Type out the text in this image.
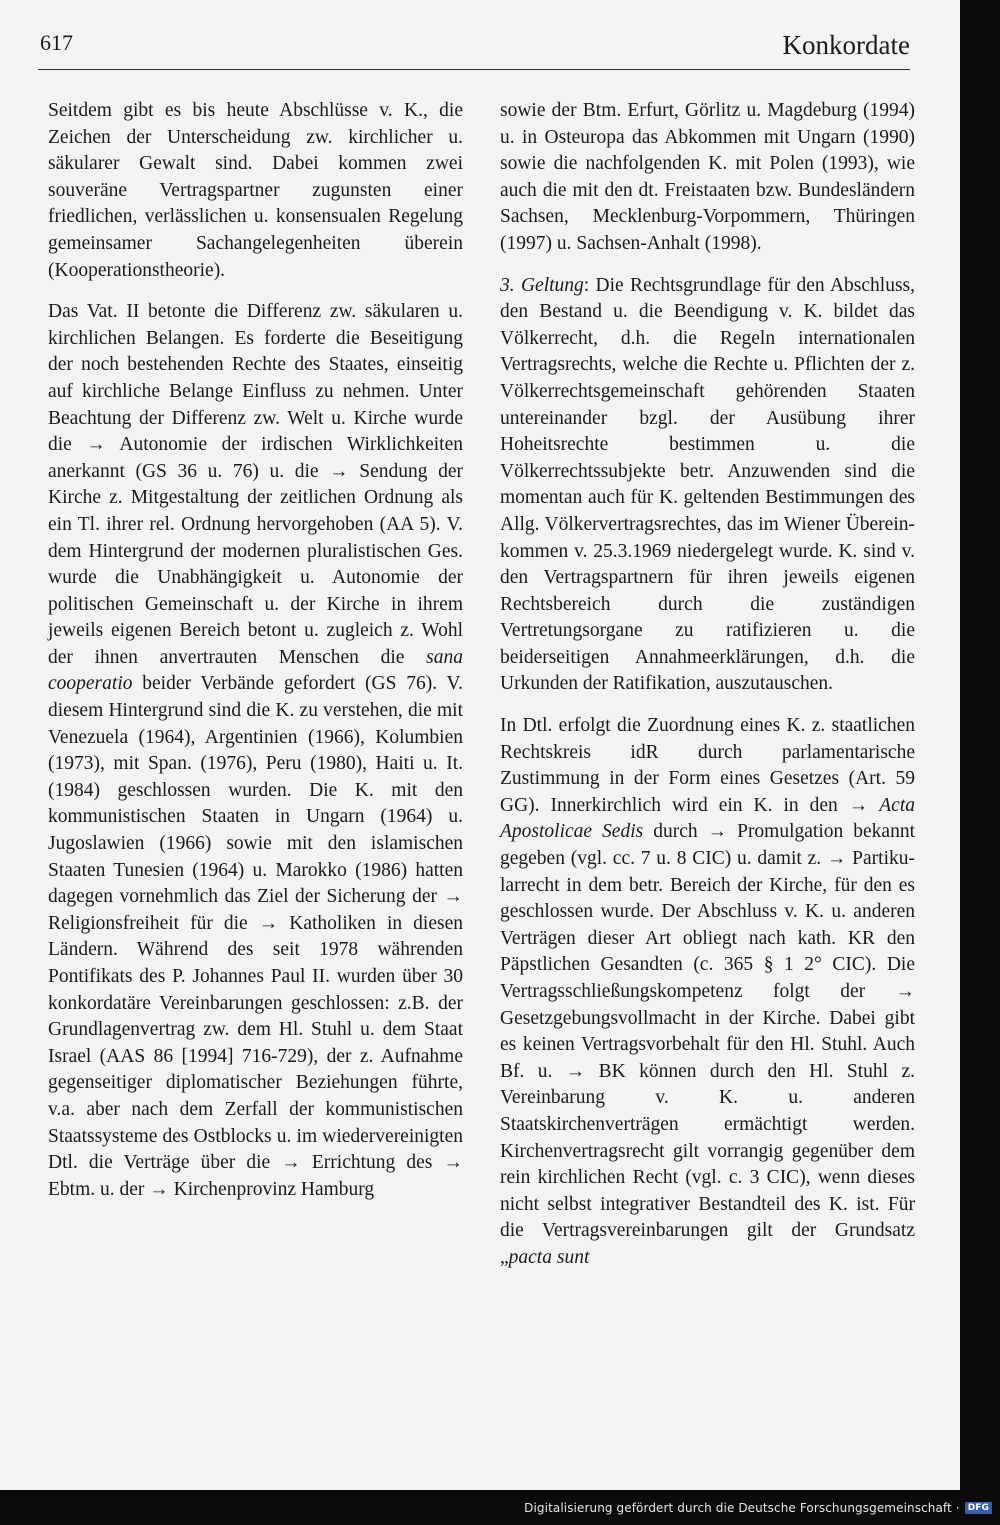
617	Konkordate

Seitdem gibt es bis heute Abschlüsse v. K., die Zeichen der Unterscheidung zw. kirchlicher u. säkularer Gewalt sind. Dabei kommen zwei souveräne Vertragspartner zugunsten einer friedlichen, verlässlichen u. konsensualen Regelung gemeinsamer Sachangelegenheiten überein (Kooperationstheorie).

Das Vat. II betonte die Differenz zw. säkularen u. kirchlichen Belangen. Es forderte die Beseitigung der noch bestehenden Rechte des Staates, einseitig auf kirchliche Belange Einfluss zu nehmen. Unter Beachtung der Differenz zw. Welt u. Kirche wurde die → Autonomie der irdischen Wirklichkeiten anerkannt (GS 36 u. 76) u. die → Sendung der Kirche z. Mitgestaltung der zeitlichen Ordnung als ein Tl. ihrer rel. Ordnung hervorgehoben (AA 5). V. dem Hintergrund der modernen pluralistischen Ges. wurde die Unabhängigkeit u. Autonomie der politischen Gemeinschaft u. der Kirche in ihrem jeweils eigenen Bereich betont u. zugleich z. Wohl der ihnen anvertrauten Menschen die sana cooperatio beider Verbände gefordert (GS 76). V. diesem Hintergrund sind die K. zu verstehen, die mit Venezuela (1964), Argentinien (1966), Kolumbien (1973), mit Span. (1976), Peru (1980), Haiti u. It. (1984) geschlossen wurden. Die K. mit den kommunistischen Staaten in Ungarn (1964) u. Jugoslawien (1966) sowie mit den islamischen Staaten Tunesien (1964) u. Marokko (1986) hatten dagegen vornehmlich das Ziel der Sicherung der → Religionsfreiheit für die → Katholiken in diesen Ländern. Während des seit 1978 währenden Pontifikats des P. Johannes Paul II. wurden über 30 konkordatäre Vereinbarungen geschlossen: z.B. der Grundlagenvertrag zw. dem Hl. Stuhl u. dem Staat Israel (AAS 86 [1994] 716-729), der z. Aufnahme gegenseitiger diplomatischer Beziehungen führte, v.a. aber nach dem Zerfall der kommunistischen Staatssysteme des Ostblocks u. im wiedervereinigten Dtl. die Verträge über die → Errichtung des → Ebtm. u. der → Kirchenprovinz Hamburg

sowie der Btm. Erfurt, Görlitz u. Magdeburg (1994) u. in Osteuropa das Abkommen mit Ungarn (1990) sowie die nachfolgenden K. mit Polen (1993), wie auch die mit den dt. Freistaaten bzw. Bundesländern Sachsen, Mecklenburg-Vorpommern, Thüringen (1997) u. Sachsen-Anhalt (1998).

3. Geltung: Die Rechtsgrundlage für den Abschluss, den Bestand u. die Beendigung v. K. bildet das Völkerrecht, d.h. die Regeln internationalen Vertragsrechts, welche die Rechte u. Pflichten der z. Völkerrechtsgemeinschaft gehörenden Staaten untereinander bzgl. der Ausübung ihrer Hoheitsrechte bestimmen u. die Völkerrechtssubjekte betr. Anzuwenden sind die momentan auch für K. geltenden Bestimmungen des Allg. Völkervertragsrechtes, das im Wiener Übereinkommen v. 25.3.1969 niedergelegt wurde. K. sind v. den Vertragspartnern für ihren jeweils eigenen Rechtsbereich durch die zuständigen Vertretungsorgane zu ratifizieren u. die beiderseitigen Annahmeerklärungen, d.h. die Urkunden der Ratifikation, auszutauschen.

In Dtl. erfolgt die Zuordnung eines K. z. staatlichen Rechtskreis idR durch parlamentarische Zustimmung in der Form eines Gesetzes (Art. 59 GG). Innerkirchlich wird ein K. in den → Acta Apostolicae Sedis durch → Promulgation bekannt gegeben (vgl. cc. 7 u. 8 CIC) u. damit z. → Partikularrecht in dem betr. Bereich der Kirche, für den es geschlossen wurde. Der Abschluss v. K. u. anderen Verträgen dieser Art obliegt nach kath. KR den Päpstlichen Gesandten (c. 365 § 1 2° CIC). Die Vertragsschließungskompetenz folgt der → Gesetzgebungsvollmacht in der Kirche. Dabei gibt es keinen Vertragsvorbehalt für den Hl. Stuhl. Auch Bf. u. → BK können durch den Hl. Stuhl z. Vereinbarung v. K. u. anderen Staatskirchenverträgen ermächtigt werden. Kirchenvertragsrecht gilt vorrangig gegenüber dem rein kirchlichen Recht (vgl. c. 3 CIC), wenn dieses nicht selbst integrativer Bestandteil des K. ist. Für die Vertragsvereinbarungen gilt der Grundsatz „pacta sunt

Digitalisierung gefördert durch die Deutsche Forschungsgemeinschaft · DFG
